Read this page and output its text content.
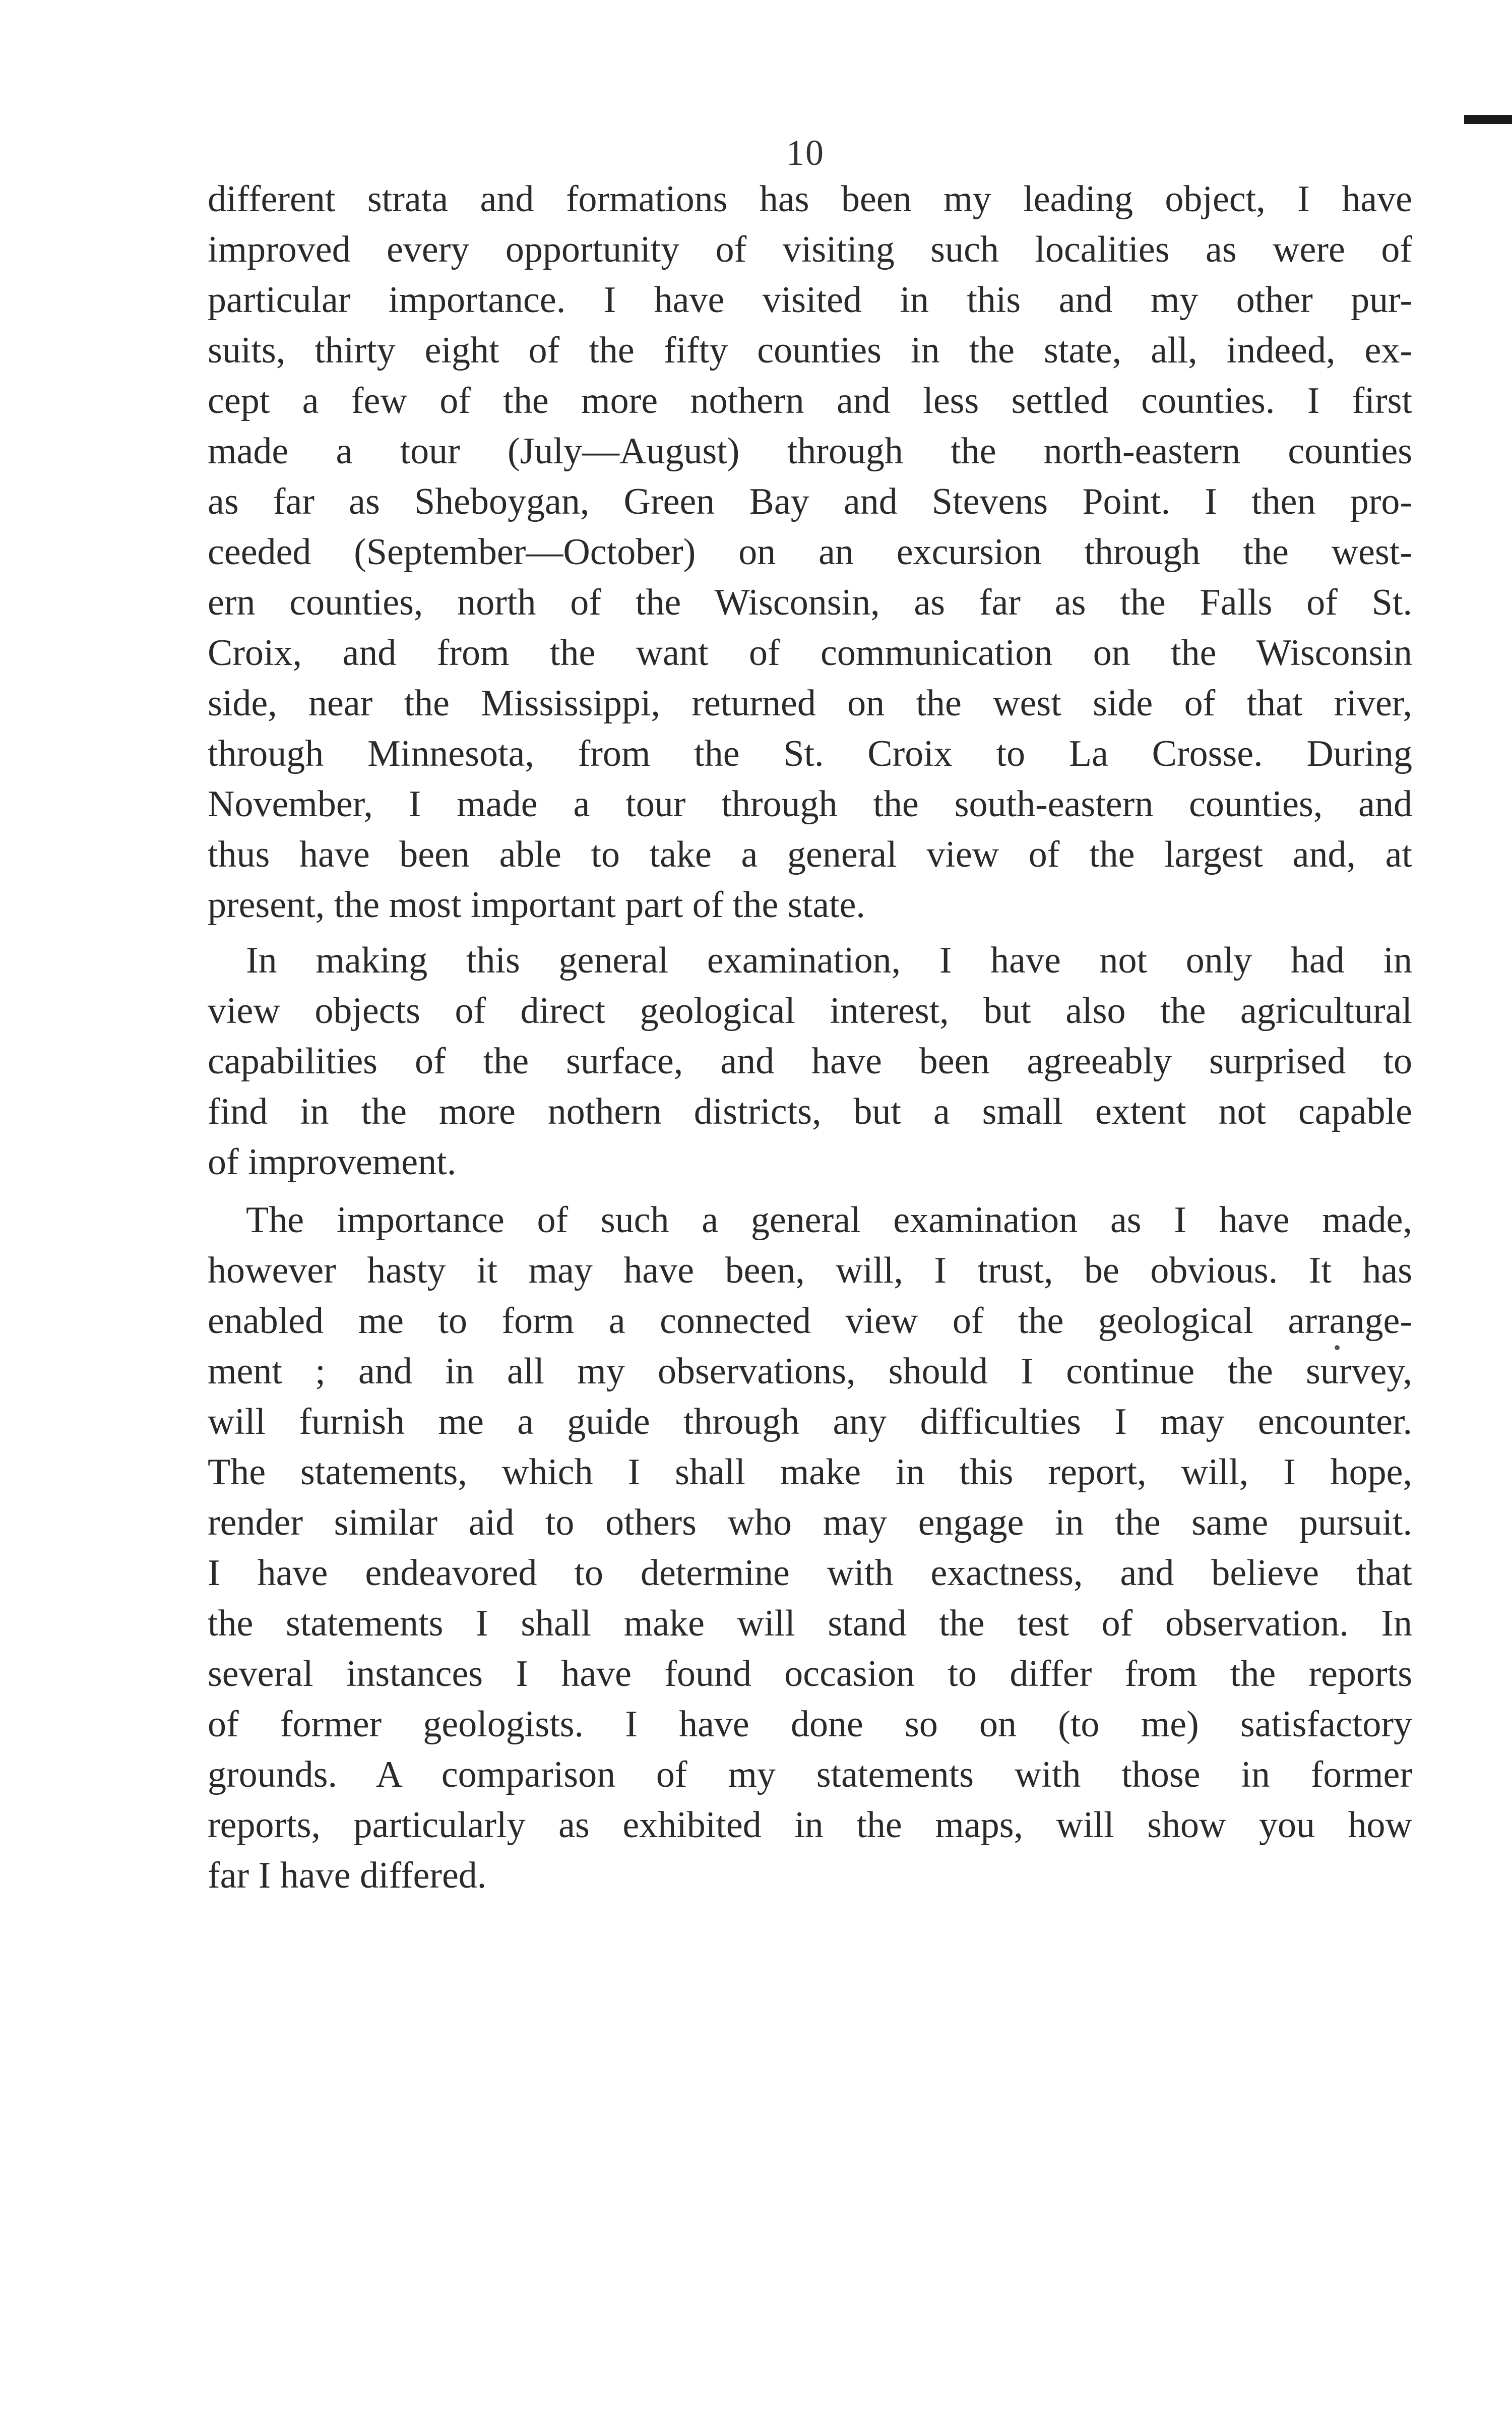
10
different strata and formations has been my leading object, I have
improved every opportunity of visiting such localities as were of
particular importance. I have visited in this and my other pur-
suits, thirty eight of the fifty counties in the state, all, indeed, ex-
cept a few of the more nothern and less settled counties. I first
made a tour (July—August) through the north-eastern counties
as far as Sheboygan, Green Bay and Stevens Point. I then pro-
ceeded (September—October) on an excursion through the west-
ern counties, north of the Wisconsin, as far as the Falls of St.
Croix, and from the want of communication on the Wisconsin
side, near the Mississippi, returned on the west side of that river,
through Minnesota, from the St. Croix to La Crosse. During
November, I made a tour through the south-eastern counties, and
thus have been able to take a general view of the largest and, at
present, the most important part of the state.
In making this general examination, I have not only had in
view objects of direct geological interest, but also the agricultural
capabilities of the surface, and have been agreeably surprised to
find in the more nothern districts, but a small extent not capable
of improvement.
The importance of such a general examination as I have made,
however hasty it may have been, will, I trust, be obvious. It has
enabled me to form a connected view of the geological arrange-
ment ; and in all my observations, should I continue the survey,
will furnish me a guide through any difficulties I may encounter.
The statements, which I shall make in this report, will, I hope,
render similar aid to others who may engage in the same pursuit.
I have endeavored to determine with exactness, and believe that
the statements I shall make will stand the test of observation. In
several instances I have found occasion to differ from the reports
of former geologists. I have done so on (to me) satisfactory
grounds. A comparison of my statements with those in former
reports, particularly as exhibited in the maps, will show you how
far I have differed.
